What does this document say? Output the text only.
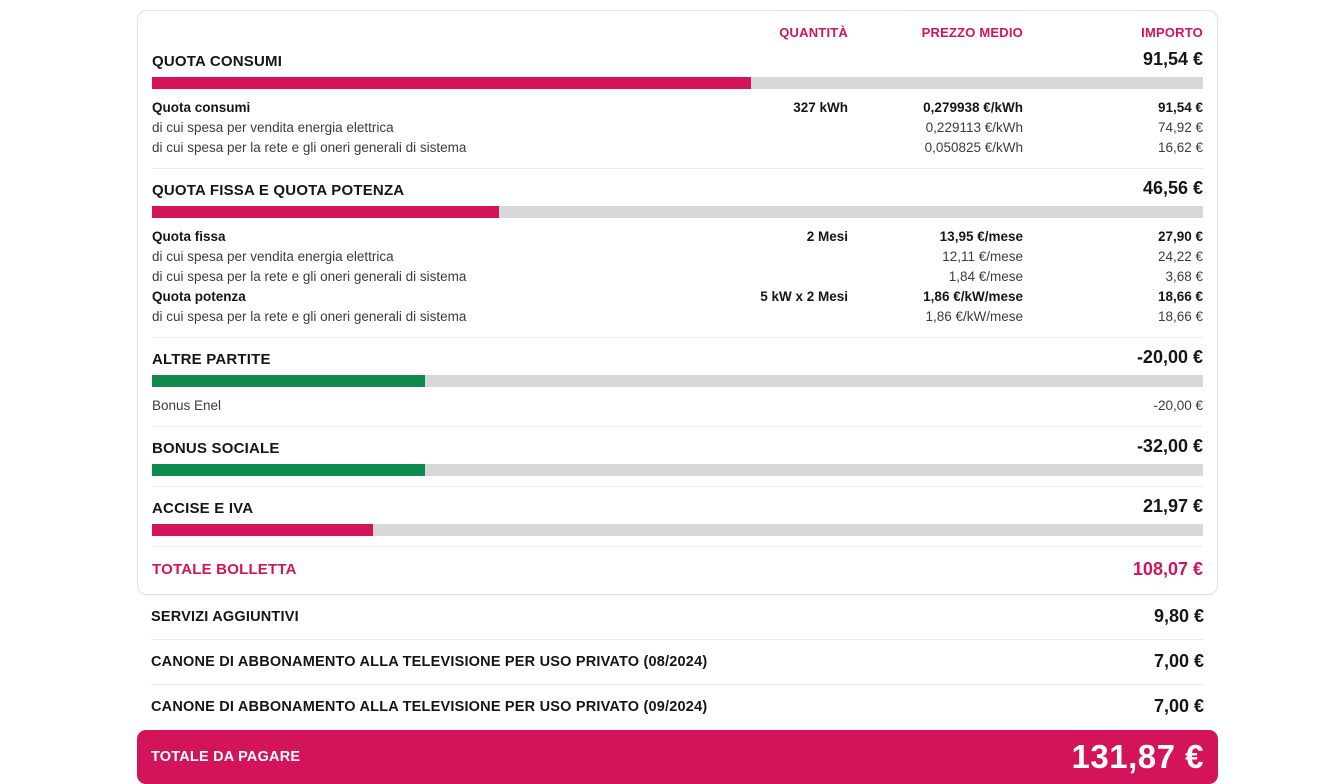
QUANTITÀ	PREZZO MEDIO	IMPORTO
QUOTA CONSUMI	91,54 €
Quota consumi	327 kWh	0,279938 €/kWh	91,54 €
di cui spesa per vendita energia elettrica	0,229113 €/kWh	74,92 €
di cui spesa per la rete e gli oneri generali di sistema	0,050825 €/kWh	16,62 €
QUOTA FISSA E QUOTA POTENZA	46,56 €
Quota fissa	2 Mesi	13,95 €/mese	27,90 €
di cui spesa per vendita energia elettrica	12,11 €/mese	24,22 €
di cui spesa per la rete e gli oneri generali di sistema	1,84 €/mese	3,68 €
Quota potenza	5 kW x 2 Mesi	1,86 €/kW/mese	18,66 €
di cui spesa per la rete e gli oneri generali di sistema	1,86 €/kW/mese	18,66 €
ALTRE PARTITE	-20,00 €
Bonus Enel	-20,00 €
BONUS SOCIALE	-32,00 €
ACCISE E IVA	21,97 €
TOTALE BOLLETTA	108,07 €
SERVIZI AGGIUNTIVI	9,80 €
CANONE DI ABBONAMENTO ALLA TELEVISIONE PER USO PRIVATO (08/2024)	7,00 €
CANONE DI ABBONAMENTO ALLA TELEVISIONE PER USO PRIVATO (09/2024)	7,00 €
TOTALE DA PAGARE	131,87 €
